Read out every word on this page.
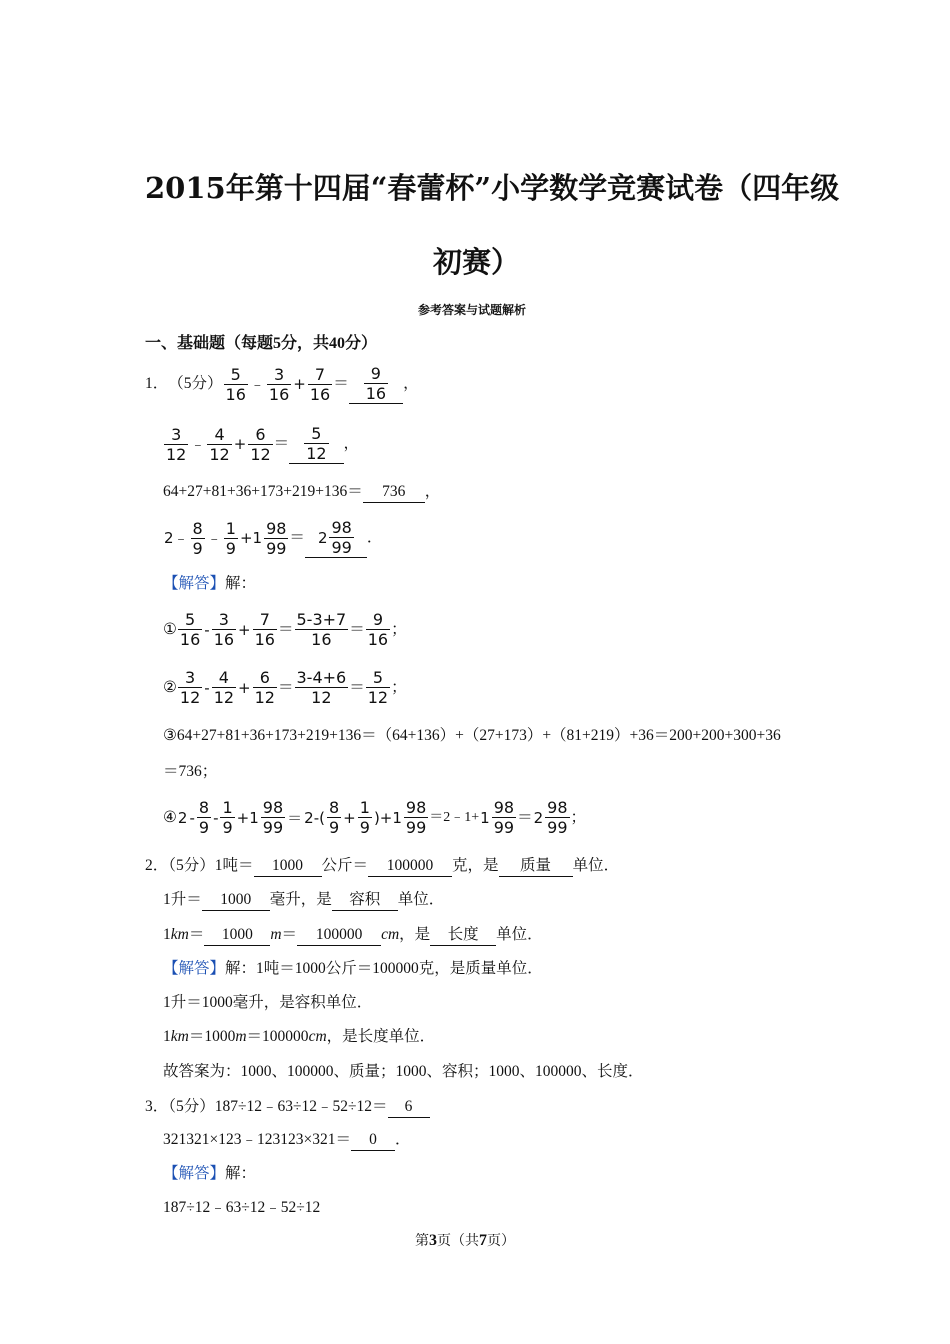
2015年第十四届“春蕾杯”小学数学竞赛试卷（四年级
初赛）
参考答案与试题解析
一、基础题（每题5分，共40分）
1． （5分） $\frac{5}{16}$ ﹣ $\frac{3}{16} + \frac{7}{16} = \frac{9}{16}$ ，
$\frac{3}{12}$ ﹣ $\frac{4}{12} + \frac{6}{12} = \frac{5}{12}$ ，
64+27+81+36+173+219+136＝ 736 ，
2﹣ $\frac{8}{9}$ ﹣ $\frac{1}{9} +1 \frac{98}{99} = 2 \frac{98}{99}$ ．
【解答】解：
① $\frac{5}{16} - \frac{3}{16} + \frac{7}{16} = \frac{5-3+7}{16} = \frac{9}{16}$ ；
② $\frac{3}{12} - \frac{4}{12} + \frac{6}{12} = \frac{3-4+6}{12} = \frac{5}{12}$ ；
③64+27+81+36+173+219+136＝（64+136）+（27+173）+（81+219）+36＝200+200+300+36
＝736；
④ $2 - \frac{8}{9} - \frac{1}{9} +1 \frac{98}{99} = 2-( \frac{8}{9} + \frac{1}{9} )+1 \frac{98}{99}$ ＝2﹣1+ $1 \frac{98}{99} = 2 \frac{98}{99}$ ；
2．（5分）1吨＝ 1000 公斤＝ 100000 克，是 质量 单位．
1升＝ 1000 毫升，是 容积 单位．
1km＝ 1000 m＝ 100000 cm，是 长度 单位．
【解答】解：1吨＝1000公斤＝100000克，是质量单位．
1升＝1000毫升，是容积单位．
1km＝1000m＝100000cm，是长度单位．
故答案为：1000、100000、质量；1000、容积；1000、100000、长度．
3．（5分）187÷12﹣63÷12﹣52÷12＝ 6
321321×123﹣123123×321＝ 0 ．
【解答】解：
187÷12﹣63÷12﹣52÷12
第3页（共7页）
